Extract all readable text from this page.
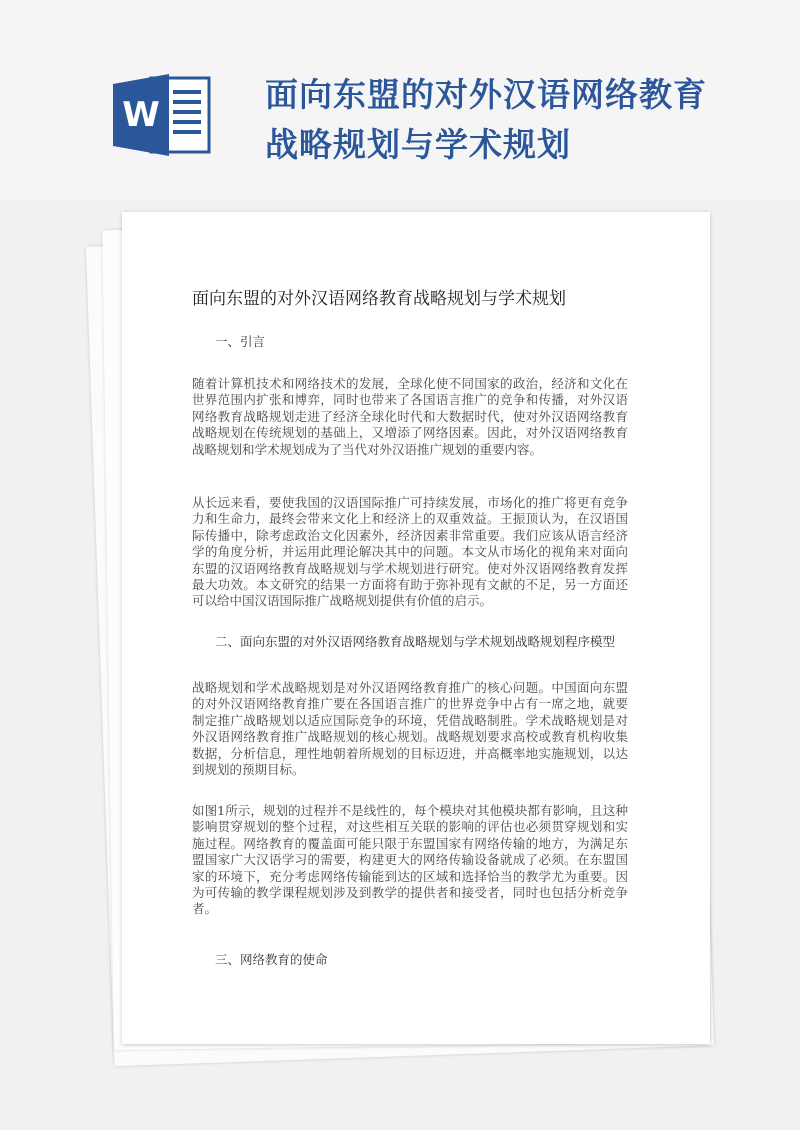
W
面向东盟的对外汉语网络教育
战略规划与学术规划
面向东盟的对外汉语网络教育战略规划与学术规划
一、引言

随着计算机技术和网络技术的发展，全球化使不同国家的政治，经济和文化在世界范围内扩张和博弈，同时也带来了各国语言推广的竞争和传播，对外汉语网络教育战略规划走进了经济全球化时代和大数据时代，使对外汉语网络教育战略规划在传统规划的基础上，又增添了网络因素。因此，对外汉语网络教育战略规划和学术规划成为了当代对外汉语推广规划的重要内容。

从长远来看，要使我国的汉语国际推广可持续发展，市场化的推广将更有竞争力和生命力，最终会带来文化上和经济上的双重效益。王振顶认为，在汉语国际传播中，除考虑政治文化因素外，经济因素非常重要。我们应该从语言经济学的角度分析，并运用此理论解决其中的问题。本文从市场化的视角来对面向东盟的汉语网络教育战略规划与学术规划进行研究。使对外汉语网络教育发挥最大功效。本文研究的结果一方面将有助于弥补现有文献的不足，另一方面还可以给中国汉语国际推广战略规划提供有价值的启示。

二、面向东盟的对外汉语网络教育战略规划与学术规划战略规划程序模型

战略规划和学术战略规划是对外汉语网络教育推广的核心问题。中国面向东盟的对外汉语网络教育推广要在各国语言推广的世界竞争中占有一席之地，就要制定推广战略规划以适应国际竞争的环境，凭借战略制胜。学术战略规划是对外汉语网络教育推广战略规划的核心规划。战略规划要求高校或教育机构收集数据，分析信息，理性地朝着所规划的目标迈进，并高概率地实施规划，以达到规划的预期目标。

如图1所示，规划的过程并不是线性的，每个模块对其他模块都有影响，且这种影响贯穿规划的整个过程，对这些相互关联的影响的评估也必须贯穿规划和实施过程。网络教育的覆盖面可能只限于东盟国家有网络传输的地方，为满足东盟国家广大汉语学习的需要，构建更大的网络传输设备就成了必须。在东盟国家的环境下，充分考虑网络传输能到达的区域和选择恰当的教学尤为重要。因为可传输的教学课程规划涉及到教学的提供者和接受者，同时也包括分析竞争者。

三、网络教育的使命
